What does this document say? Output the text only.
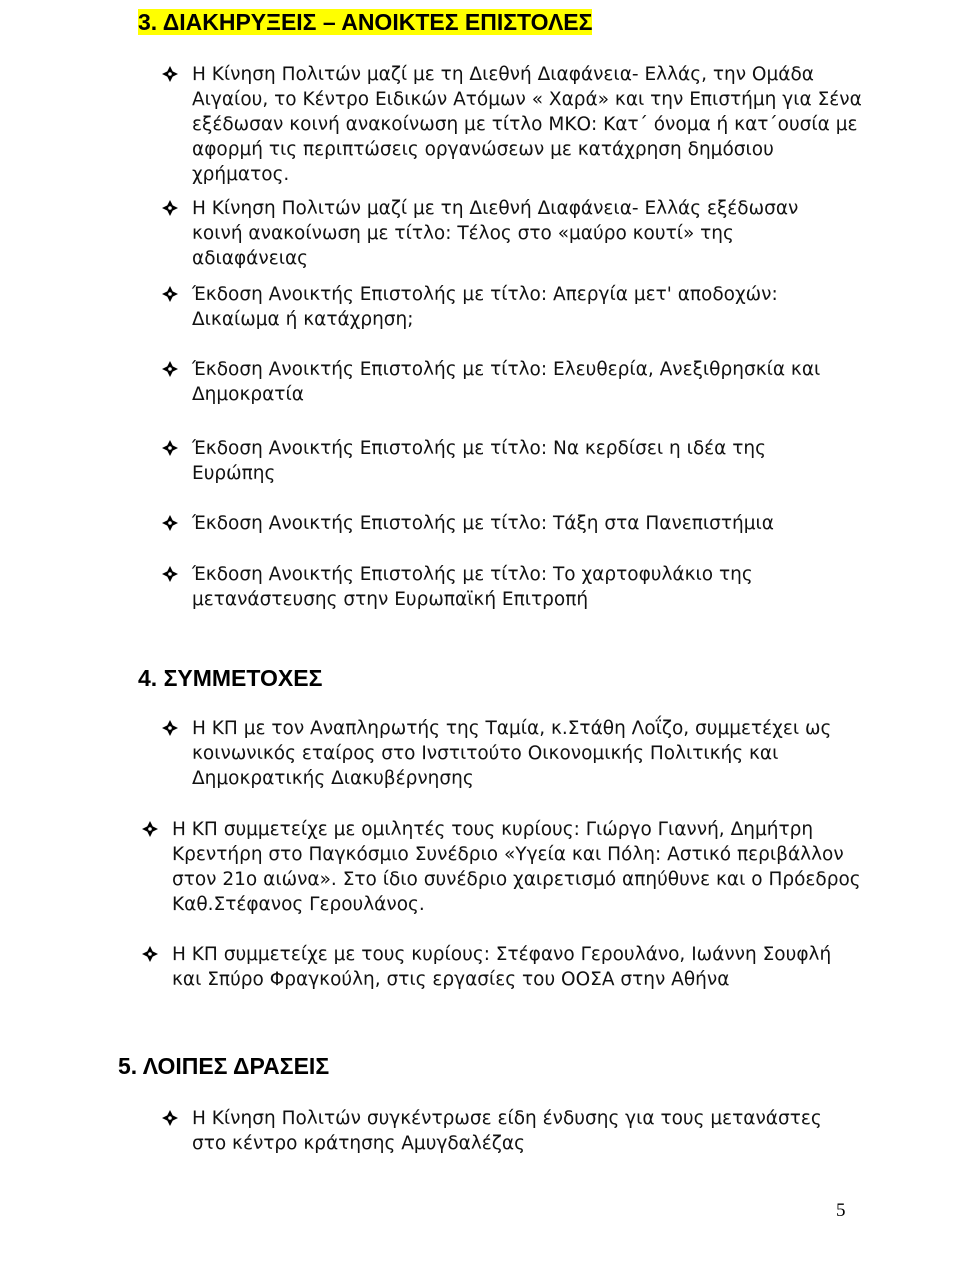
3. ΔΙΑΚΗΡΥΞΕΙΣ – ΑΝΟΙΚΤΕΣ ΕΠΙΣΤΟΛΕΣ
Η Κίνηση Πολιτών μαζί με τη Διεθνή Διαφάνεια- Ελλάς, την Ομάδα Αιγαίου, το Κέντρο Ειδικών Ατόμων « Χαρά» και την Επιστήμη για Σένα εξέδωσαν κοινή ανακοίνωση με τίτλο ΜΚΟ: Κατ΄ όνομα ή κατ΄ουσία με αφορμή τις περιπτώσεις οργανώσεων με κατάχρηση δημόσιου χρήματος.
Η Κίνηση Πολιτών μαζί με τη Διεθνή Διαφάνεια- Ελλάς εξέδωσαν κοινή ανακοίνωση με τίτλο: Τέλος στο «μαύρο κουτί» της αδιαφάνειας
Έκδοση Ανοικτής Επιστολής με τίτλο: Απεργία μετ' αποδοχών: Δικαίωμα ή κατάχρηση;
Έκδοση Ανοικτής Επιστολής με τίτλο: Ελευθερία, Ανεξιθρησκία και Δημοκρατία
Έκδοση Ανοικτής Επιστολής με τίτλο: Να κερδίσει η ιδέα της Ευρώπης
Έκδοση Ανοικτής Επιστολής με τίτλο: Τάξη στα Πανεπιστήμια
Έκδοση Ανοικτής Επιστολής με τίτλο: Το χαρτοφυλάκιο της μετανάστευσης στην Ευρωπαϊκή Επιτροπή
4. ΣΥΜΜΕΤΟΧΕΣ
Η ΚΠ με τον Αναπληρωτής της Ταμία, κ.Στάθη Λοΐζο, συμμετέχει ως κοινωνικός εταίρος στο Ινστιτούτο Οικονομικής Πολιτικής και Δημοκρατικής Διακυβέρνησης
Η ΚΠ συμμετείχε με ομιλητές τους κυρίους: Γιώργο Γιαννή, Δημήτρη Κρεντήρη στο Παγκόσμιο Συνέδριο «Υγεία και Πόλη: Αστικό περιβάλλον στον 21ο αιώνα». Στο ίδιο συνέδριο χαιρετισμό απηύθυνε και ο Πρόεδρος Καθ.Στέφανος Γερουλάνος.
Η ΚΠ συμμετείχε με τους κυρίους: Στέφανο Γερουλάνο, Ιωάννη Σουφλή και Σπύρο Φραγκούλη, στις εργασίες του ΟΟΣΑ στην Αθήνα
5. ΛΟΙΠΕΣ ΔΡΑΣΕΙΣ
Η Κίνηση Πολιτών συγκέντρωσε είδη ένδυσης για τους μετανάστες στο κέντρο κράτησης Αμυγδαλέζας
5
